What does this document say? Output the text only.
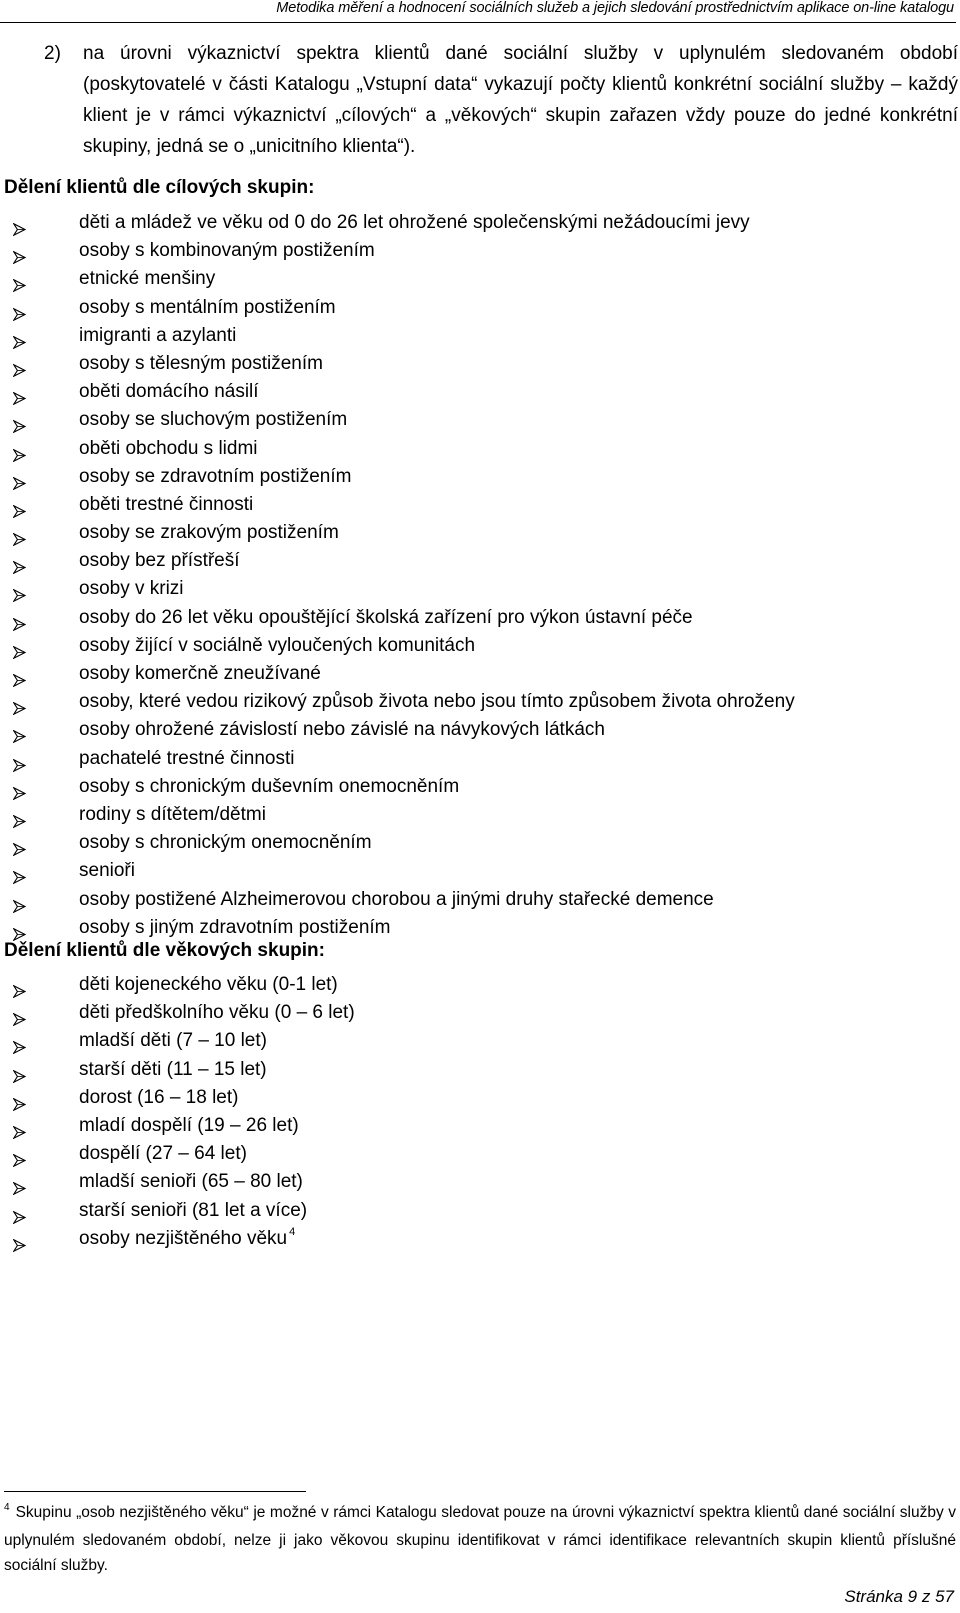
Metodika měření a hodnocení sociálních služeb a jejich sledování prostřednictvím aplikace on-line katalogu
2) na úrovni výkaznictví spektra klientů dané sociální služby v uplynulém sledovaném období (poskytovatelé v části Katalogu „Vstupní data“ vykazují počty klientů konkrétní sociální služby – každý klient je v rámci výkaznictví „cílových“ a „věkových“ skupin zařazen vždy pouze do jedné konkrétní skupiny, jedná se o „unicitního klienta“).
Dělení klientů dle cílových skupin:
děti a mládež ve věku od 0 do 26 let ohrožené společenskými nežádoucími jevy
osoby s kombinovaným postižením
etnické menšiny
osoby s mentálním postižením
imigranti a azylanti
osoby s tělesným postižením
oběti domácího násilí
osoby se sluchovým postižením
oběti obchodu s lidmi
osoby se zdravotním postižením
oběti trestné činnosti
osoby se zrakovým postižením
osoby bez přístřeší
osoby v krizi
osoby do 26 let věku opouštějící školská zařízení pro výkon ústavní péče
osoby žijící v sociálně vyloučených komunitách
osoby komerčně zneužívané
osoby, které vedou rizikový způsob života nebo jsou tímto způsobem života ohroženy
osoby ohrožené závislostí nebo závislé na návykových látkách
pachatelé trestné činnosti
osoby s chronickým duševním onemocněním
rodiny s dítětem/dětmi
osoby s chronickým onemocněním
senioři
osoby postižené Alzheimerovou chorobou a jinými druhy stařecké demence
osoby s jiným zdravotním postižením
Dělení klientů dle věkových skupin:
děti kojeneckého věku (0-1 let)
děti předškolního věku (0 – 6 let)
mladší děti (7 – 10 let)
starší děti (11 – 15 let)
dorost (16 – 18 let)
mladí dospělí (19 – 26 let)
dospělí (27 – 64 let)
mladší senioři (65 – 80 let)
starší senioři (81 let a více)
osoby nezjištěného věku $^4$
$^4$ Skupinu „osob nezjištěného věku“ je možné v rámci Katalogu sledovat pouze na úrovni výkaznictví spektra klientů dané sociální služby v uplynulém sledovaném období, nelze ji jako věkovou skupinu identifikovat v rámci identifikace relevantních skupin klientů příslušné sociální služby.
Stránka 9 z 57
